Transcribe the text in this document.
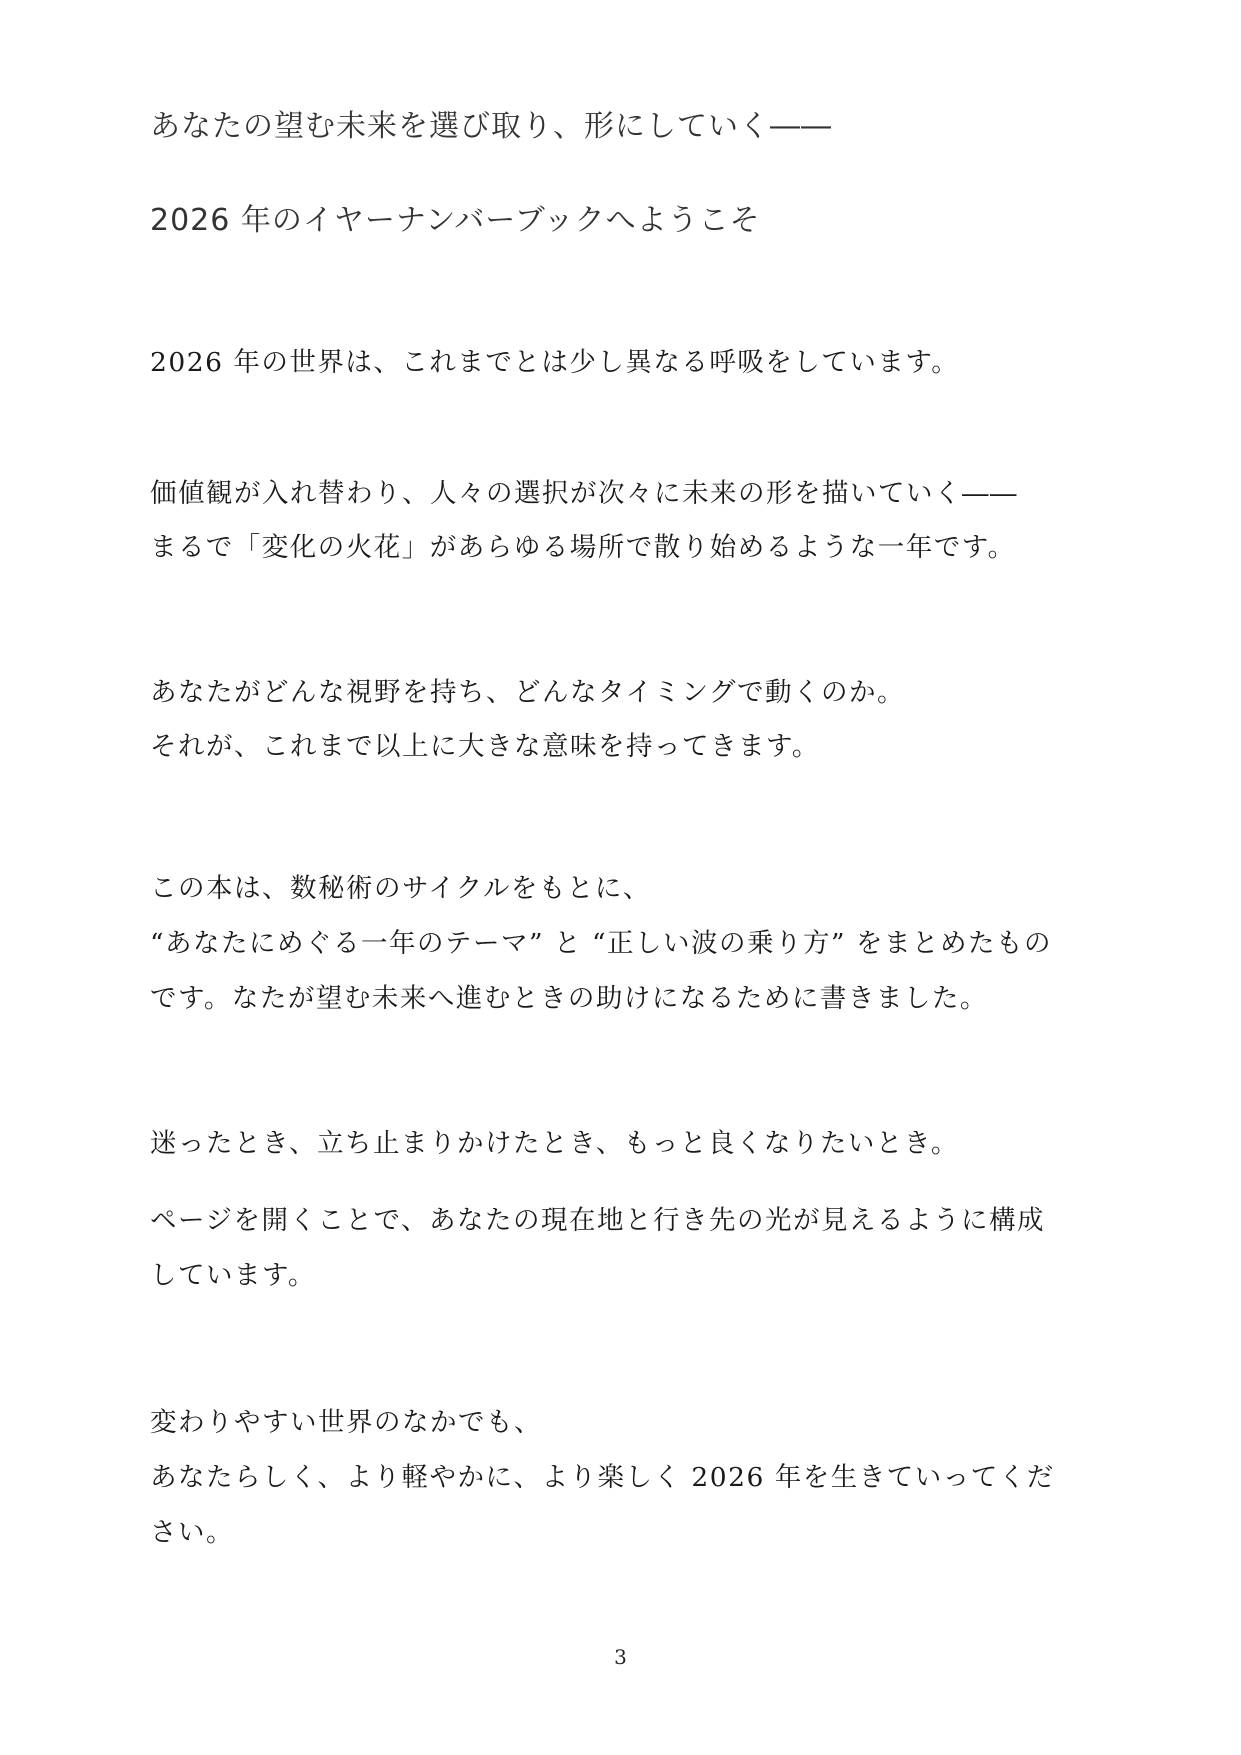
あなたの望む未来を選び取り、形にしていく――
2026 年のイヤーナンバーブックへようこそ
2026 年の世界は、これまでとは少し異なる呼吸をしています。
価値観が入れ替わり、人々の選択が次々に未来の形を描いていく――
まるで「変化の火花」があらゆる場所で散り始めるような一年です。
あなたがどんな視野を持ち、どんなタイミングで動くのか。
それが、これまで以上に大きな意味を持ってきます。
この本は、数秘術のサイクルをもとに、
“あなたにめぐる一年のテーマ” と “正しい波の乗り方” をまとめたもの
です。なたが望む未来へ進むときの助けになるために書きました。
迷ったとき、立ち止まりかけたとき、もっと良くなりたいとき。
ページを開くことで、あなたの現在地と行き先の光が見えるように構成
しています。
変わりやすい世界のなかでも、
あなたらしく、より軽やかに、より楽しく 2026 年を生きていってくだ
さい。
3
